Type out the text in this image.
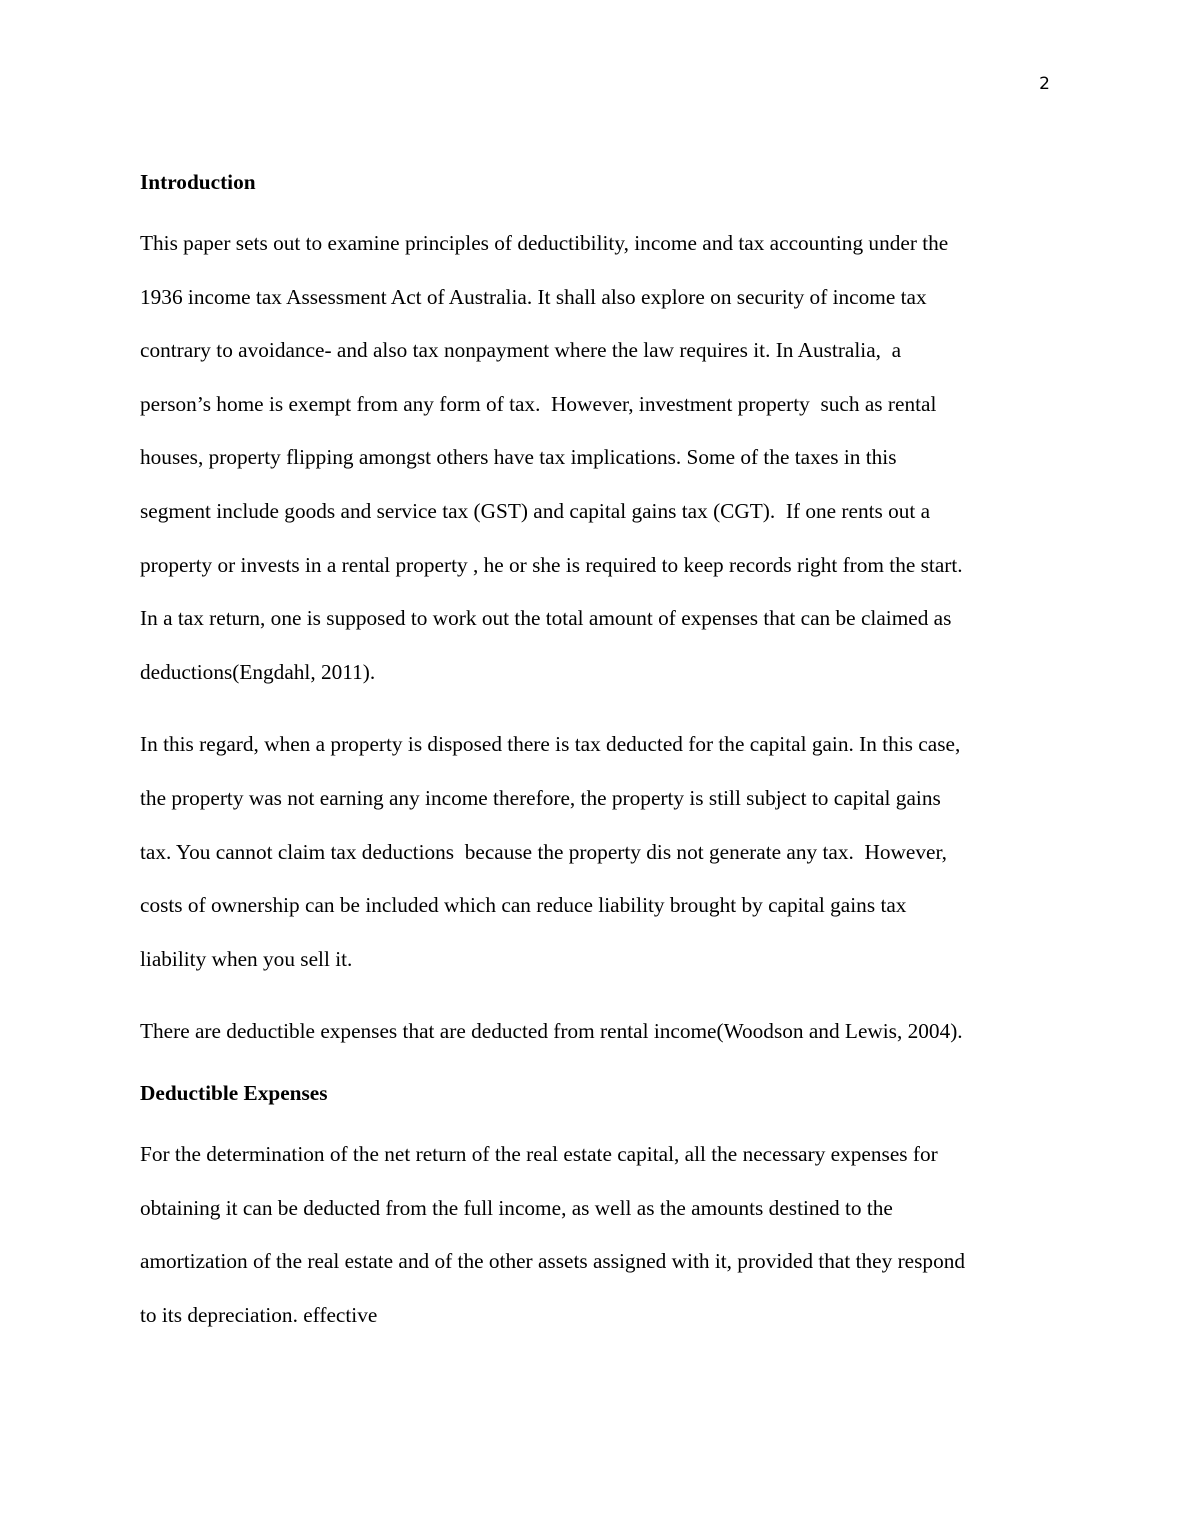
2
Introduction
This paper sets out to examine principles of deductibility, income and tax accounting under the
1936 income tax Assessment Act of Australia. It shall also explore on security of income tax
contrary to avoidance- and also tax nonpayment where the law requires it. In Australia,  a
person’s home is exempt from any form of tax.  However, investment property  such as rental
houses, property flipping amongst others have tax implications. Some of the taxes in this
segment include goods and service tax (GST) and capital gains tax (CGT).  If one rents out a
property or invests in a rental property , he or she is required to keep records right from the start.
In a tax return, one is supposed to work out the total amount of expenses that can be claimed as
deductions(Engdahl, 2011).
In this regard, when a property is disposed there is tax deducted for the capital gain. In this case,
the property was not earning any income therefore, the property is still subject to capital gains
tax. You cannot claim tax deductions  because the property dis not generate any tax.  However,
costs of ownership can be included which can reduce liability brought by capital gains tax
liability when you sell it.
There are deductible expenses that are deducted from rental income(Woodson and Lewis, 2004).
Deductible Expenses
For the determination of the net return of the real estate capital, all the necessary expenses for
obtaining it can be deducted from the full income, as well as the amounts destined to the
amortization of the real estate and of the other assets assigned with it, provided that they respond
to its depreciation. effective
